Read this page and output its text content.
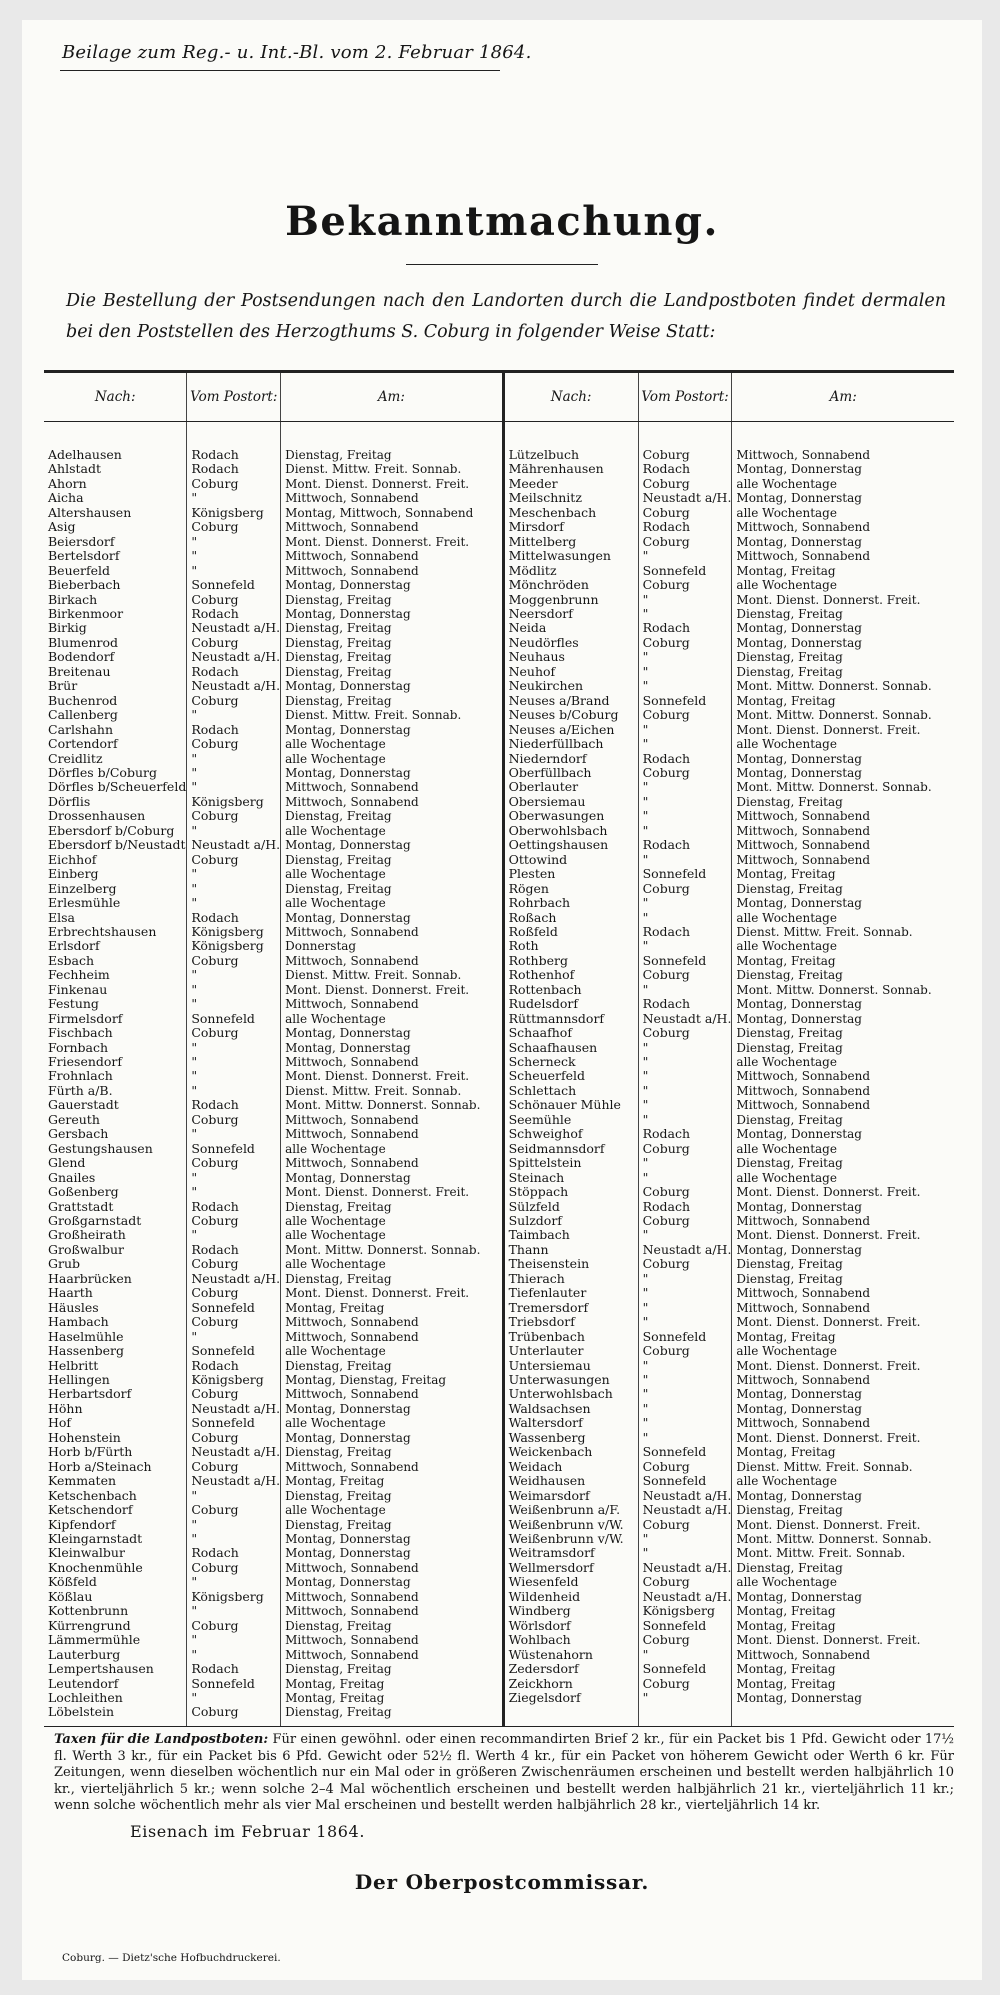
Beilage zum Reg.- u. Int.-Bl. vom 2. Februar 1864.
Bekanntmachung.
Die Bestellung der Postsendungen nach den Landorten durch die Landpostboten findet dermalen bei den Poststellen des Herzogthums S. Coburg in folgender Weise Statt:
Nach:	Vom Postort:	Am:	Nach:	Vom Postort:	Am:
Adelhausen	Rodach	Dienstag, Freitag	Lützelbuch	Coburg	Mittwoch, Sonnabend
Ahlstadt	Rodach	Dienst. Mittw. Freit. Sonnab.	Mährenhausen	Rodach	Montag, Donnerstag
Ahorn	Coburg	Mont. Dienst. Donnerst. Freit.	Meeder	Coburg	alle Wochentage
Aicha	"	Mittwoch, Sonnabend	Meilschnitz	Neustadt a/H.	Montag, Donnerstag
Altershausen	Königsberg	Montag, Mittwoch, Sonnabend	Meschenbach	Coburg	alle Wochentage
Asig	Coburg	Mittwoch, Sonnabend	Mirsdorf	Rodach	Mittwoch, Sonnabend
Beiersdorf	"	Mont. Dienst. Donnerst. Freit.	Mittelberg	Coburg	Montag, Donnerstag
Bertelsdorf	"	Mittwoch, Sonnabend	Mittelwasungen	"	Mittwoch, Sonnabend
Beuerfeld	"	Mittwoch, Sonnabend	Mödlitz	Sonnefeld	Montag, Freitag
Bieberbach	Sonnefeld	Montag, Donnerstag	Mönchröden	Coburg	alle Wochentage
Birkach	Coburg	Dienstag, Freitag	Moggenbrunn	"	Mont. Dienst. Donnerst. Freit.
Birkenmoor	Rodach	Montag, Donnerstag	Neersdorf	"	Dienstag, Freitag
Birkig	Neustadt a/H.	Dienstag, Freitag	Neida	Rodach	Montag, Donnerstag
Blumenrod	Coburg	Dienstag, Freitag	Neudörfles	Coburg	Montag, Donnerstag
Bodendorf	Neustadt a/H.	Dienstag, Freitag	Neuhaus	"	Dienstag, Freitag
Breitenau	Rodach	Dienstag, Freitag	Neuhof	"	Dienstag, Freitag
Brür	Neustadt a/H.	Montag, Donnerstag	Neukirchen	"	Mont. Mittw. Donnerst. Sonnab.
Buchenrod	Coburg	Dienstag, Freitag	Neuses a/Brand	Sonnefeld	Montag, Freitag
Callenberg	"	Dienst. Mittw. Freit. Sonnab.	Neuses b/Coburg	Coburg	Mont. Mittw. Donnerst. Sonnab.
Carlshahn	Rodach	Montag, Donnerstag	Neuses a/Eichen	"	Mont. Dienst. Donnerst. Freit.
Cortendorf	Coburg	alle Wochentage	Niederfüllbach	"	alle Wochentage
Creidlitz	"	alle Wochentage	Niederndorf	Rodach	Montag, Donnerstag
Dörfles b/Coburg	"	Montag, Donnerstag	Oberfüllbach	Coburg	Montag, Donnerstag
Dörfles b/Scheuerfeld	"	Mittwoch, Sonnabend	Oberlauter	"	Mont. Mittw. Donnerst. Sonnab.
Dörflis	Königsberg	Mittwoch, Sonnabend	Obersiemau	"	Dienstag, Freitag
Drossenhausen	Coburg	Dienstag, Freitag	Oberwasungen	"	Mittwoch, Sonnabend
Ebersdorf b/Coburg	"	alle Wochentage	Oberwohlsbach	"	Mittwoch, Sonnabend
Ebersdorf b/Neustadt	Neustadt a/H.	Montag, Donnerstag	Oettingshausen	Rodach	Mittwoch, Sonnabend
Eichhof	Coburg	Dienstag, Freitag	Ottowind	"	Mittwoch, Sonnabend
Einberg	"	alle Wochentage	Plesten	Sonnefeld	Montag, Freitag
Einzelberg	"	Dienstag, Freitag	Rögen	Coburg	Dienstag, Freitag
Erlesmühle	"	alle Wochentage	Rohrbach	"	Montag, Donnerstag
Elsa	Rodach	Montag, Donnerstag	Roßach	"	alle Wochentage
Erbrechtshausen	Königsberg	Mittwoch, Sonnabend	Roßfeld	Rodach	Dienst. Mittw. Freit. Sonnab.
Erlsdorf	Königsberg	Donnerstag	Roth	"	alle Wochentage
Esbach	Coburg	Mittwoch, Sonnabend	Rothberg	Sonnefeld	Montag, Freitag
Fechheim	"	Dienst. Mittw. Freit. Sonnab.	Rothenhof	Coburg	Dienstag, Freitag
Finkenau	"	Mont. Dienst. Donnerst. Freit.	Rottenbach	"	Mont. Mittw. Donnerst. Sonnab.
Festung	"	Mittwoch, Sonnabend	Rudelsdorf	Rodach	Montag, Donnerstag
Firmelsdorf	Sonnefeld	alle Wochentage	Rüttmannsdorf	Neustadt a/H.	Montag, Donnerstag
Fischbach	Coburg	Montag, Donnerstag	Schaafhof	Coburg	Dienstag, Freitag
Fornbach	"	Montag, Donnerstag	Schaafhausen	"	Dienstag, Freitag
Friesendorf	"	Mittwoch, Sonnabend	Scherneck	"	alle Wochentage
Frohnlach	"	Mont. Dienst. Donnerst. Freit.	Scheuerfeld	"	Mittwoch, Sonnabend
Fürth a/B.	"	Dienst. Mittw. Freit. Sonnab.	Schlettach	"	Mittwoch, Sonnabend
Gauerstadt	Rodach	Mont. Mittw. Donnerst. Sonnab.	Schönauer Mühle	"	Mittwoch, Sonnabend
Gereuth	Coburg	Mittwoch, Sonnabend	Seemühle	"	Dienstag, Freitag
Gersbach	"	Mittwoch, Sonnabend	Schweighof	Rodach	Montag, Donnerstag
Gestungshausen	Sonnefeld	alle Wochentage	Seidmannsdorf	Coburg	alle Wochentage
Glend	Coburg	Mittwoch, Sonnabend	Spittelstein	"	Dienstag, Freitag
Gnailes	"	Montag, Donnerstag	Steinach	"	alle Wochentage
Goßenberg	"	Mont. Dienst. Donnerst. Freit.	Stöppach	Coburg	Mont. Dienst. Donnerst. Freit.
Grattstadt	Rodach	Dienstag, Freitag	Sülzfeld	Rodach	Montag, Donnerstag
Großgarnstadt	Coburg	alle Wochentage	Sulzdorf	Coburg	Mittwoch, Sonnabend
Großheirath	"	alle Wochentage	Taimbach	"	Mont. Dienst. Donnerst. Freit.
Großwalbur	Rodach	Mont. Mittw. Donnerst. Sonnab.	Thann	Neustadt a/H.	Montag, Donnerstag
Grub	Coburg	alle Wochentage	Theisenstein	Coburg	Dienstag, Freitag
Haarbrücken	Neustadt a/H.	Dienstag, Freitag	Thierach	"	Dienstag, Freitag
Haarth	Coburg	Mont. Dienst. Donnerst. Freit.	Tiefenlauter	"	Mittwoch, Sonnabend
Häusles	Sonnefeld	Montag, Freitag	Tremersdorf	"	Mittwoch, Sonnabend
Hambach	Coburg	Mittwoch, Sonnabend	Triebsdorf	"	Mont. Dienst. Donnerst. Freit.
Haselmühle	"	Mittwoch, Sonnabend	Trübenbach	Sonnefeld	Montag, Freitag
Hassenberg	Sonnefeld	alle Wochentage	Unterlauter	Coburg	alle Wochentage
Helbritt	Rodach	Dienstag, Freitag	Untersiemau	"	Mont. Dienst. Donnerst. Freit.
Hellingen	Königsberg	Montag, Dienstag, Freitag	Unterwasungen	"	Mittwoch, Sonnabend
Herbartsdorf	Coburg	Mittwoch, Sonnabend	Unterwohlsbach	"	Montag, Donnerstag
Höhn	Neustadt a/H.	Montag, Donnerstag	Waldsachsen	"	Montag, Donnerstag
Hof	Sonnefeld	alle Wochentage	Waltersdorf	"	Mittwoch, Sonnabend
Hohenstein	Coburg	Montag, Donnerstag	Wassenberg	"	Mont. Dienst. Donnerst. Freit.
Horb b/Fürth	Neustadt a/H.	Dienstag, Freitag	Weickenbach	Sonnefeld	Montag, Freitag
Horb a/Steinach	Coburg	Mittwoch, Sonnabend	Weidach	Coburg	Dienst. Mittw. Freit. Sonnab.
Kemmaten	Neustadt a/H.	Montag, Freitag	Weidhausen	Sonnefeld	alle Wochentage
Ketschenbach	"	Dienstag, Freitag	Weimarsdorf	Neustadt a/H.	Montag, Donnerstag
Ketschendorf	Coburg	alle Wochentage	Weißenbrunn a/F.	Neustadt a/H.	Dienstag, Freitag
Kipfendorf	"	Dienstag, Freitag	Weißenbrunn v/W.	Coburg	Mont. Dienst. Donnerst. Freit.
Kleingarnstadt	"	Montag, Donnerstag	Weißenbrunn v/W.	"	Mont. Mittw. Donnerst. Sonnab.
Kleinwalbur	Rodach	Montag, Donnerstag	Weitramsdorf	"	Mont. Mittw. Freit. Sonnab.
Knochenmühle	Coburg	Mittwoch, Sonnabend	Wellmersdorf	Neustadt a/H.	Dienstag, Freitag
Kößfeld	"	Montag, Donnerstag	Wiesenfeld	Coburg	alle Wochentage
Kößlau	Königsberg	Mittwoch, Sonnabend	Wildenheid	Neustadt a/H.	Montag, Donnerstag
Kottenbrunn	"	Mittwoch, Sonnabend	Windberg	Königsberg	Montag, Freitag
Kürrengrund	Coburg	Dienstag, Freitag	Wörlsdorf	Sonnefeld	Montag, Freitag
Lämmermühle	"	Mittwoch, Sonnabend	Wohlbach	Coburg	Mont. Dienst. Donnerst. Freit.
Lauterburg	"	Mittwoch, Sonnabend	Wüstenahorn	"	Mittwoch, Sonnabend
Lempertshausen	Rodach	Dienstag, Freitag	Zedersdorf	Sonnefeld	Montag, Freitag
Leutendorf	Sonnefeld	Montag, Freitag	Zeickhorn	Coburg	Montag, Freitag
Lochleithen	"	Montag, Freitag	Ziegelsdorf	"	Montag, Donnerstag
Löbelstein	Coburg	Dienstag, Freitag			
Taxen für die Landpostboten: Für einen gewöhnl. oder einen recommandirten Brief 2 kr., für ein Packet bis 1 Pfd. Gewicht oder 17½ fl. Werth 3 kr., für ein Packet bis 6 Pfd. Gewicht oder 52½ fl. Werth 4 kr., für ein Packet von höherem Gewicht oder Werth 6 kr. Für Zeitungen, wenn dieselben wöchentlich nur ein Mal oder in größeren Zwischenräumen erscheinen und bestellt werden halbjährlich 10 kr., vierteljährlich 5 kr.; wenn solche 2–4 Mal wöchentlich erscheinen und bestellt werden halbjährlich 21 kr., vierteljährlich 11 kr.; wenn solche wöchentlich mehr als vier Mal erscheinen und bestellt werden halbjährlich 28 kr., vierteljährlich 14 kr.
Eisenach im Februar 1864.
Der Oberpostcommissar.
Coburg. — Dietz'sche Hofbuchdruckerei.
